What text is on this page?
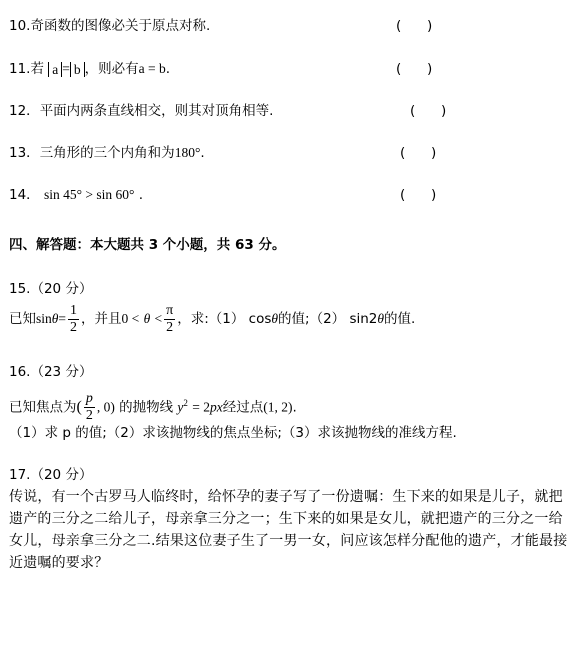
10.奇函数的图像必关于原点对称.	(      )
11.若 a = b ，则必有a = b.	(      )
12．平面内两条直线相交，则其对顶角相等.	(      )
13．三角形的三个内角和为180°.	(      )
14． sin 45° > sin 60° .	(      )
四、解答题：本大题共 3 个小题，共 63 分。
15.（20 分）
已知$\sin\theta= \frac{1}{2}$ ，并且$0 < \theta < \frac{\pi}{2}$ ，求:（1） cosθ的值;（2） sin2θ的值.
16.（23 分）
已知焦点为( $\frac{p}{2}$ , 0) 的抛物线 $y^2 = 2px$经过点(1, 2).
（1）求 p 的值;（2）求该抛物线的焦点坐标;（3）求该抛物线的准线方程.
17.（20 分）
传说，有一个古罗马人临终时，给怀孕的妻子写了一份遗嘱：生下来的如果是儿子，就把遗产的三分之二给儿子，母亲拿三分之一；生下来的如果是女儿，就把遗产的三分之一给女儿，母亲拿三分之二.结果这位妻子生了一男一女，问应该怎样分配他的遗产，才能最接近遗嘱的要求？
